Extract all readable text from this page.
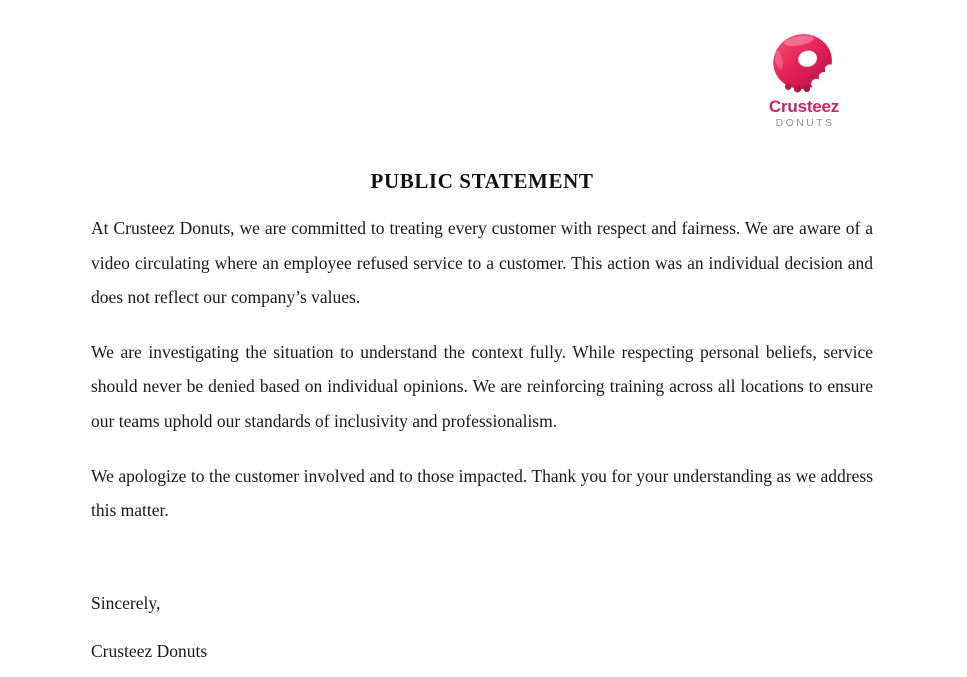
Crusteez
DONUTS
PUBLIC STATEMENT

At Crusteez Donuts, we are committed to treating every customer with respect and fairness. We are aware of a video circulating where an employee refused service to a customer. This action was an individual decision and does not reflect our company’s values.

We are investigating the situation to understand the context fully. While respecting personal beliefs, service should never be denied based on individual opinions. We are reinforcing training across all locations to ensure our teams uphold our standards of inclusivity and professionalism.

We apologize to the customer involved and to those impacted. Thank you for your understanding as we address this matter.

Sincerely,

Crusteez Donuts
